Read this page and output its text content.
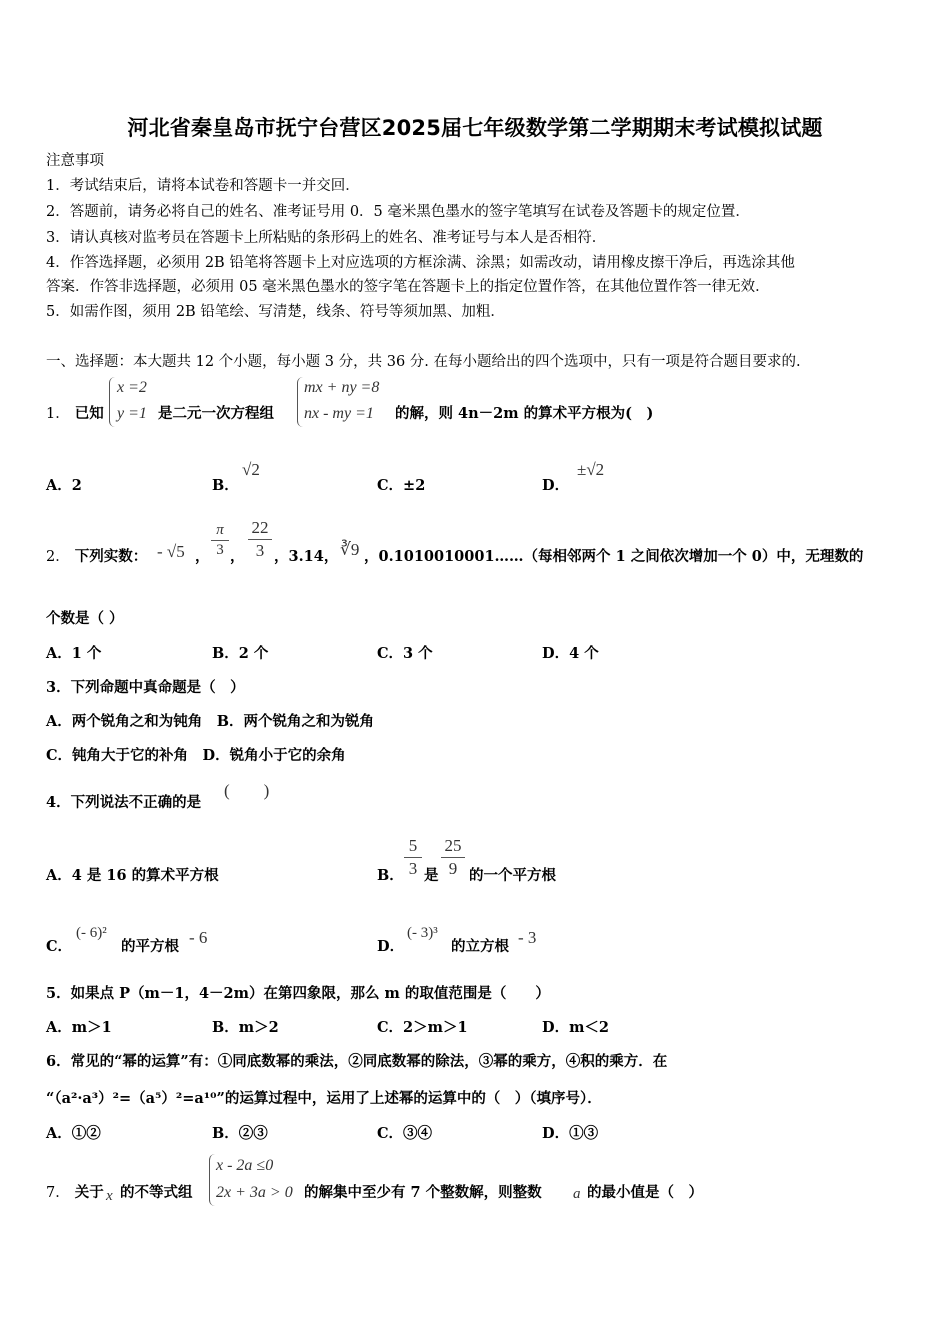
河北省秦皇岛市抚宁台营区2025届七年级数学第二学期期末考试模拟试题
注意事项
1．考试结束后，请将本试卷和答题卡一并交回．
2．答题前，请务必将自己的姓名、准考证号用 0．5 毫米黑色墨水的签字笔填写在试卷及答题卡的规定位置．
3．请认真核对监考员在答题卡上所粘贴的条形码上的姓名、准考证号与本人是否相符．
4．作答选择题，必须用 2B 铅笔将答题卡上对应选项的方框涂满、涂黑；如需改动，请用橡皮擦干净后，再选涂其他
答案．作答非选择题，必须用 05 毫米黑色墨水的签字笔在答题卡上的指定位置作答，在其他位置作答一律无效．
5．如需作图，须用 2B 铅笔绘、写清楚，线条、符号等须加黑、加粗．
一、选择题：本大题共 12 个小题，每小题 3 分，共 36 分. 在每小题给出的四个选项中，只有一项是符合题目要求的.
1． 已知
x =2
y =1 是二元一次方程组
mx + ny =8
nx - my =1	的解，则 4n－2m 的算术平方根为(　)
A．2	B．
√2
C．±2	D．
±√2
2． 下列实数： - √5 ，
π
3 ，
22
3 ，3.14， ∛9 ，0.1010010001……（每相邻两个 1 之间依次增加一个 0）中，无理数的
个数是（ ）
A．1 个	B．2 个	C．3 个	D．4 个
3．下列命题中真命题是（　）
A．两个锐角之和为钝角　B．两个锐角之和为锐角
C．钝角大于它的补角　D．锐角小于它的余角
4．下列说法不正确的是
(　　)
A．4 是 16 的算术平方根	B．
5
3 是
25
9 的一个平方根
C．
(- 6)²
的平方根 - 6	D．
(- 3)³
的立方根 - 3
5．如果点 P（m－1，4－2m）在第四象限，那么 m 的取值范围是（　　）
A．m＞1	B．m＞2	C．2＞m＞1	D．m＜2
6．常见的“幂的运算”有：①同底数幂的乘法，②同底数幂的除法，③幂的乘方，④积的乘方．在
“（a²·a³）²=（a⁵）²=a¹⁰”的运算过程中，运用了上述幂的运算中的（　）（填序号）．
A．①②	B．②③	C．③④	D．①③
7． 关于 x 的不等式组
x - 2a ≤0
2x + 3a > 0 的解集中至少有 7 个整数解，则整数 a 的最小值是（　）
